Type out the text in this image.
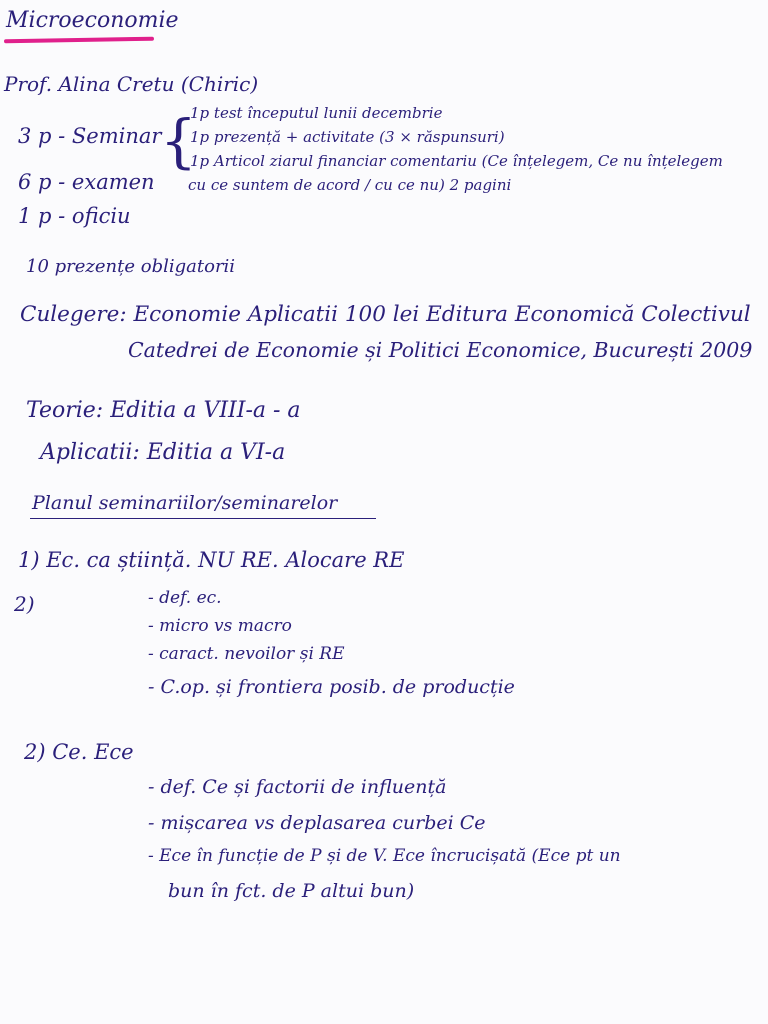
Microeconomie
Prof. Alina Cretu (Chiric)
3 p - Seminar
{
1p test începutul lunii decembrie
1p prezență + activitate (3 × răspunsuri)
1p Articol ziarul financiar comentariu (Ce înțelegem, Ce nu înțelegem
cu ce suntem de acord / cu ce nu) 2 pagini
6 p - examen
1 p - oficiu
10 prezențe obligatorii
Culegere: Economie Aplicatii 100 lei Editura Economică Colectivul
Catedrei de Economie și Politici Economice, București 2009
Teorie: Editia a VIII-a - a
Aplicatii: Editia a VI-a
Planul seminariilor/seminarelor
1) Ec. ca știință. NU RE. Alocare RE
2)	- def. ec.
- micro vs macro
- caract. nevoilor și RE
- C.op. și frontiera posib. de producție
2) Ce. Ece
- def. Ce și factorii de influență
- mișcarea vs deplasarea curbei Ce
- Ece în funcție de P și de V. Ece încrucișată (Ece pt un
bun în fct. de P altui bun)
